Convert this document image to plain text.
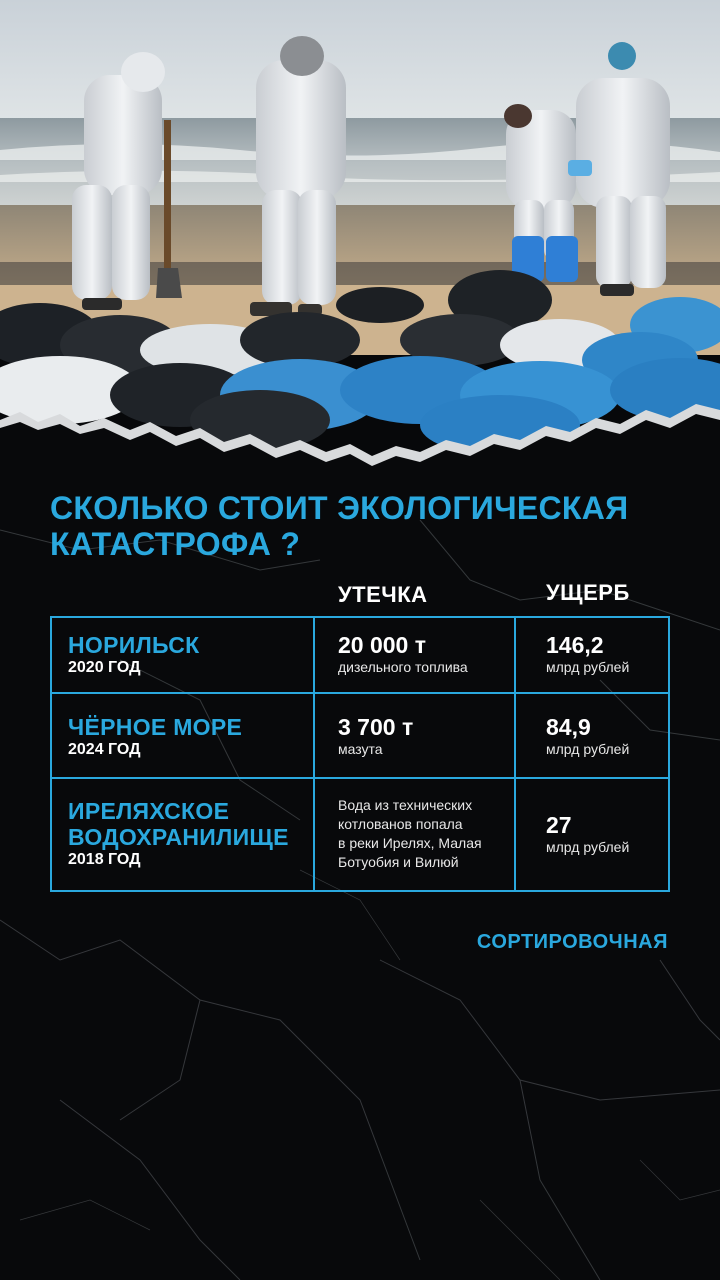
СКОЛЬКО СТОИТ ЭКОЛОГИЧЕСКАЯ
КАТАСТРОФА ?
УТЕЧКА	УЩЕРБ
НОРИЛЬСК
2020 ГОД
20 000 т
дизельного топлива
146,2
млрд рублей
ЧЁРНОЕ МОРЕ
2024 ГОД
3 700 т
мазута
84,9
млрд рублей
ИРЕЛЯХСКОЕ
ВОДОХРАНИЛИЩЕ
2018 ГОД
Вода из технических
котлованов попала
в реки Ирелях, Малая
Ботуобия и Вилюй
27
млрд рублей
СОРТИРОВОЧНАЯ
